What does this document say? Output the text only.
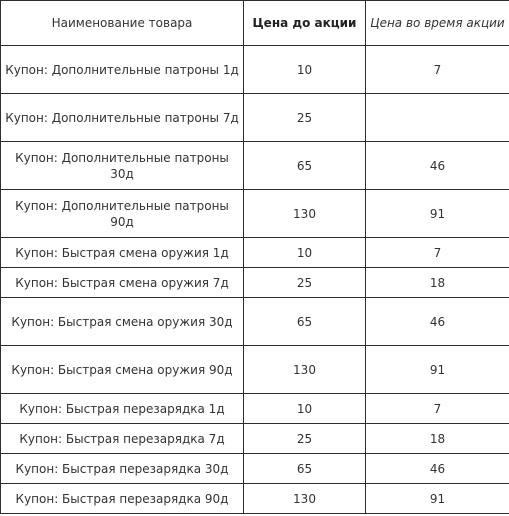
Наименование товара	Цена до акции	Цена во время акции
Купон: Дополнительные патроны 1д	10	7
Купон: Дополнительные патроны 7д	25	
Купон: Дополнительные патроны 30д	65	46
Купон: Дополнительные патроны 90д	130	91
Купон: Быстрая смена оружия 1д	10	7
Купон: Быстрая смена оружия 7д	25	18
Купон: Быстрая смена оружия 30д	65	46
Купон: Быстрая смена оружия 90д	130	91
Купон: Быстрая перезарядка 1д	10	7
Купон: Быстрая перезарядка 7д	25	18
Купон: Быстрая перезарядка 30д	65	46
Купон: Быстрая перезарядка 90д	130	91
